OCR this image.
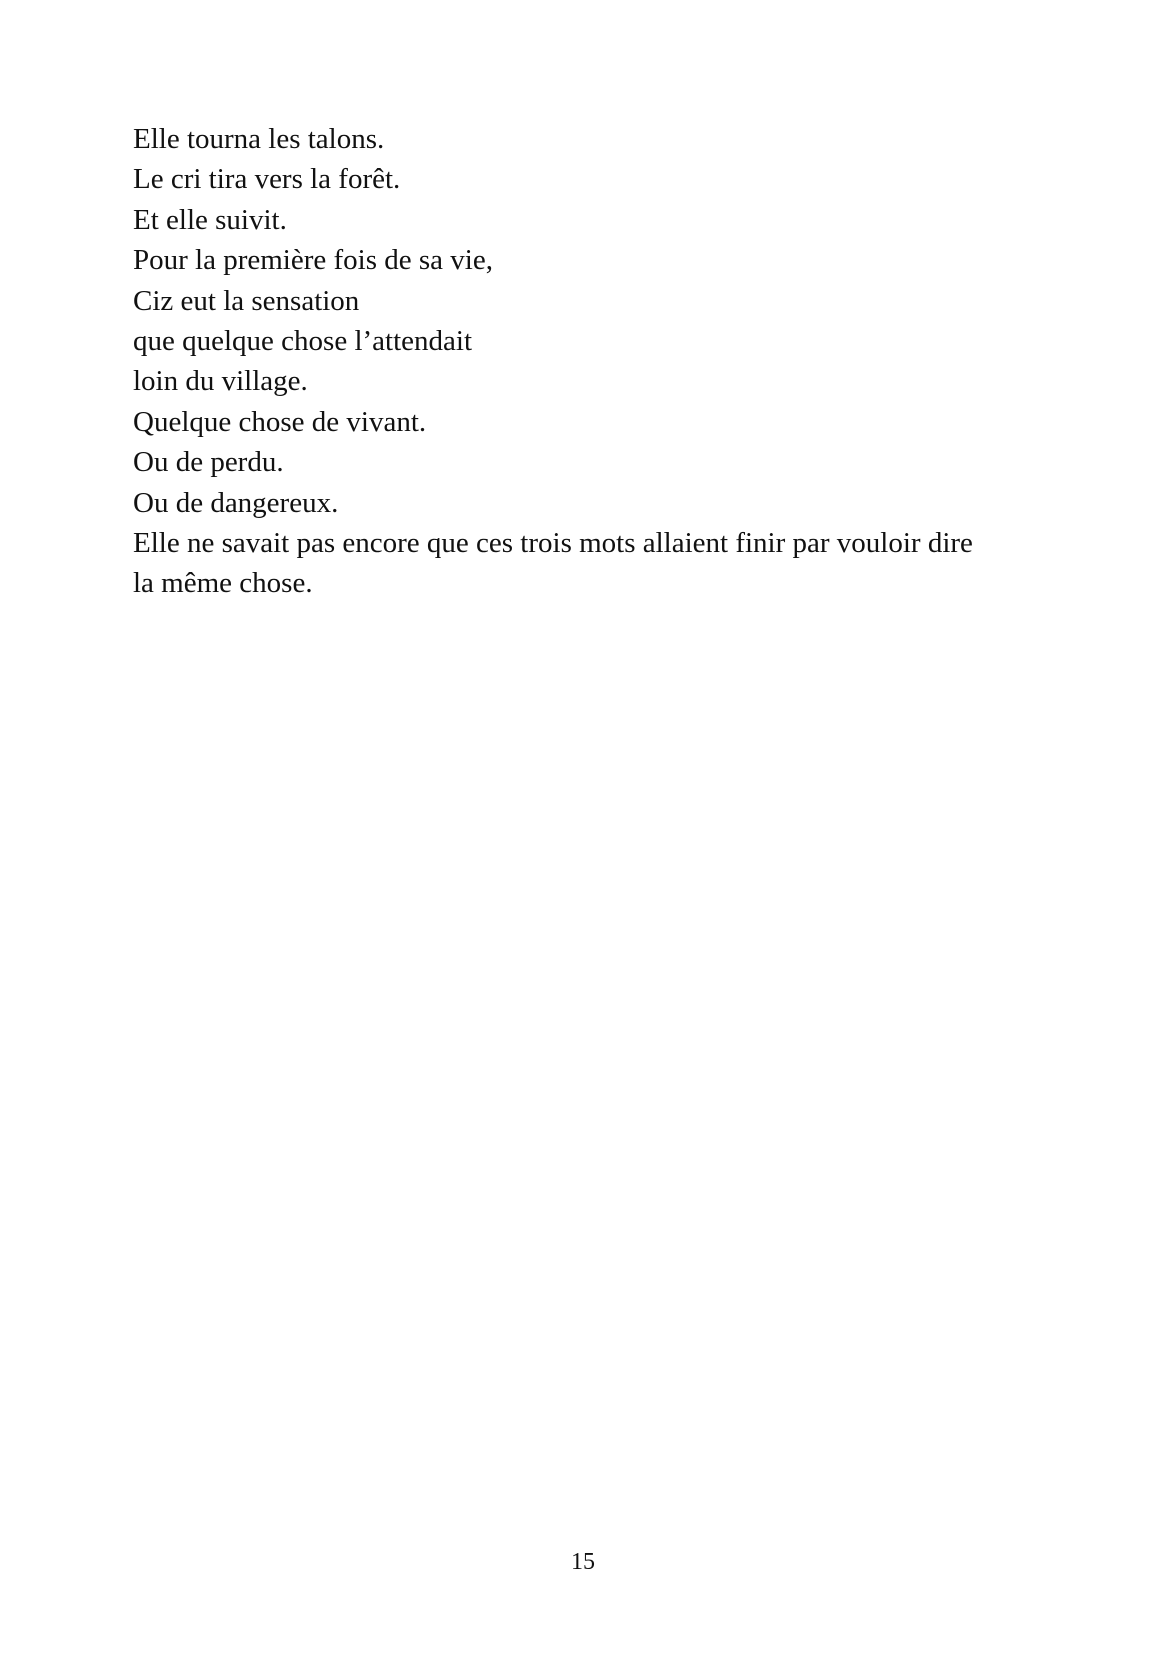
Elle tourna les talons.
Le cri tira vers la forêt.
Et elle suivit.
Pour la première fois de sa vie,
Ciz eut la sensation
que quelque chose l’attendait
loin du village.
Quelque chose de vivant.
Ou de perdu.
Ou de dangereux.
Elle ne savait pas encore que ces trois mots allaient finir par vouloir dire
la même chose.
15
